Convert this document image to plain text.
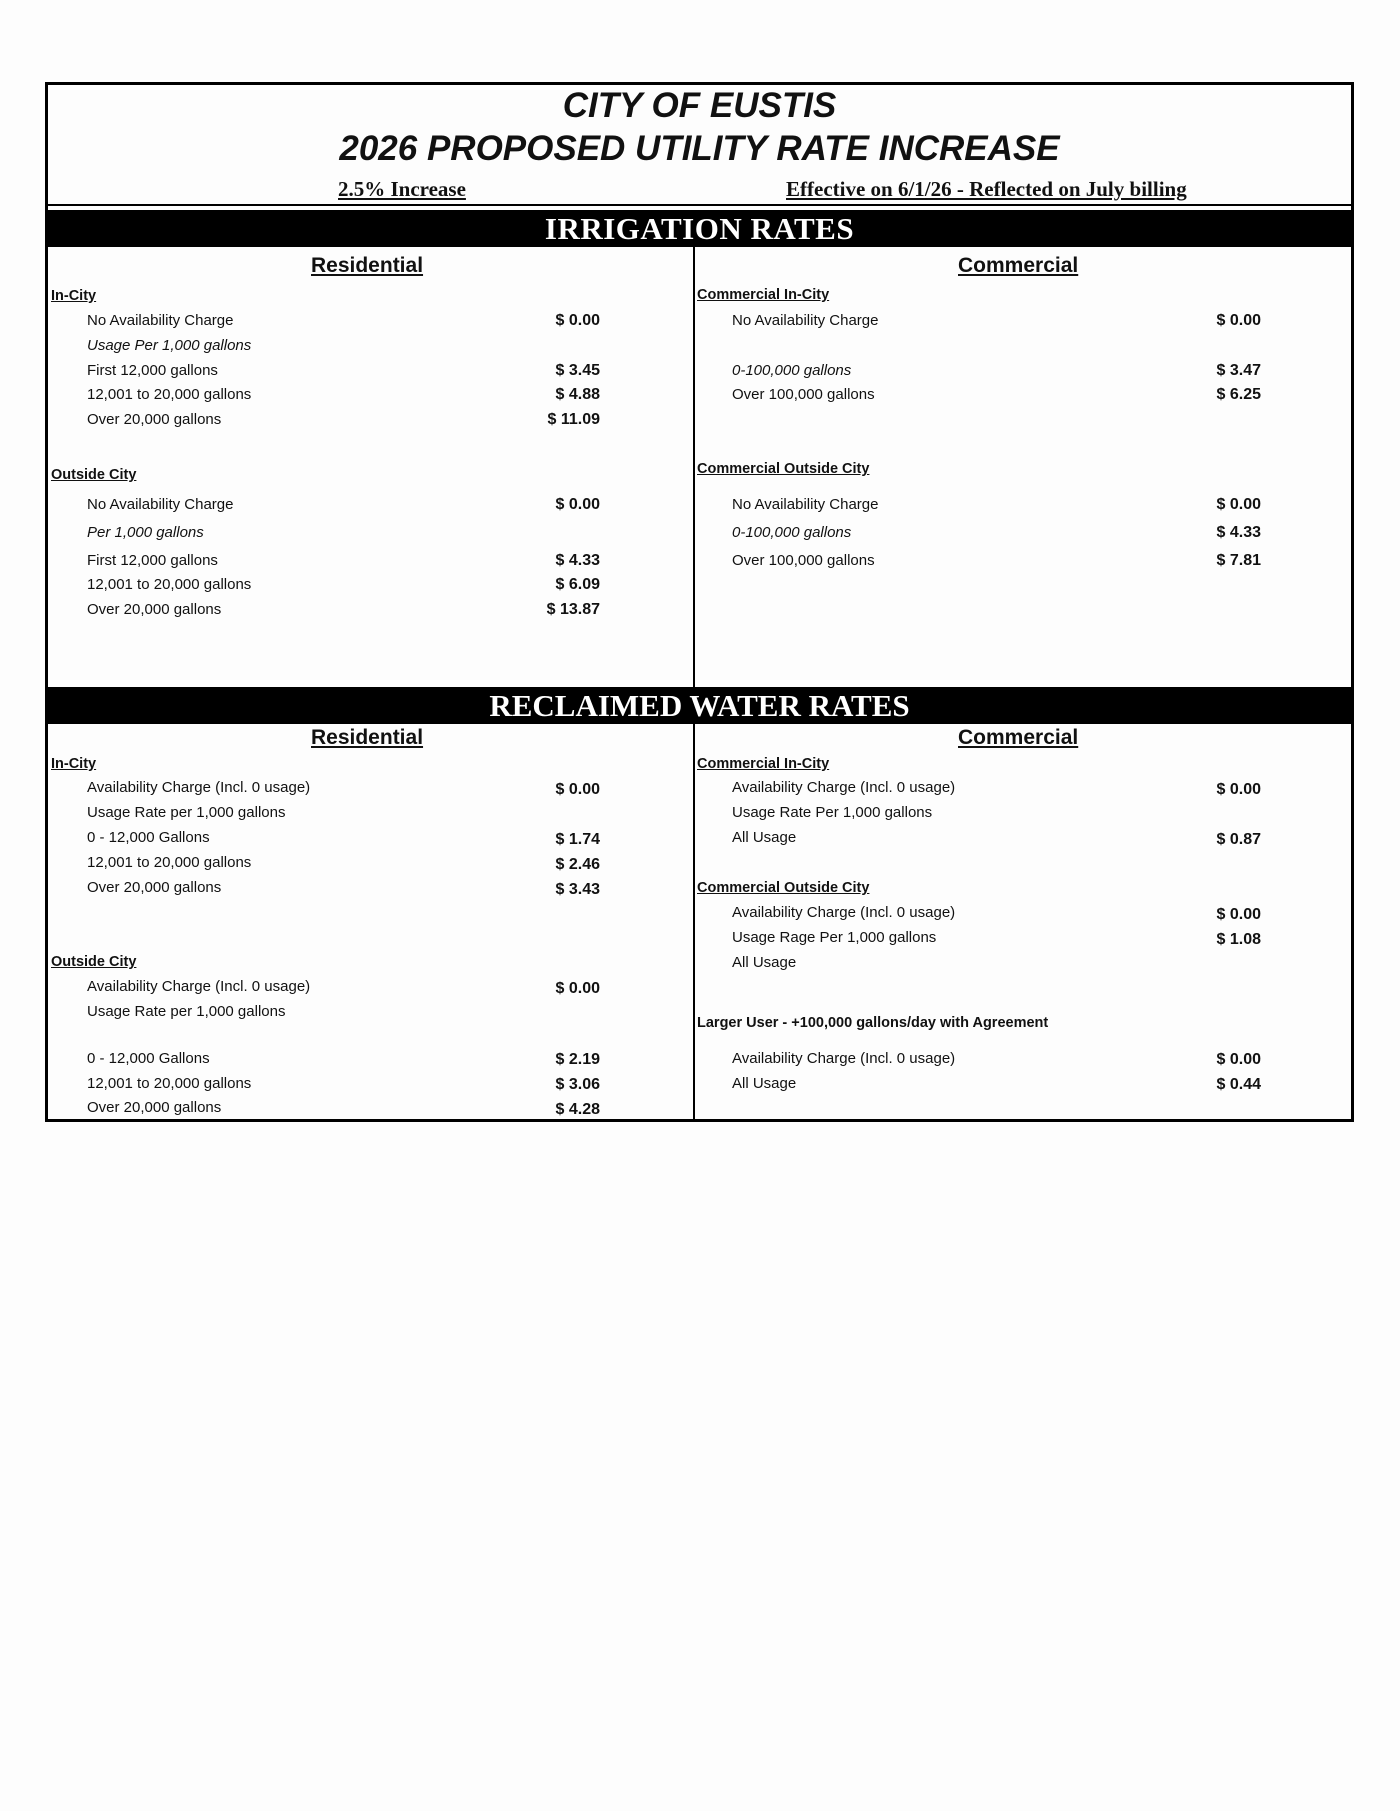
CITY OF EUSTIS
2026 PROPOSED UTILITY RATE INCREASE
2.5% Increase	Effective on 6/1/26 - Reflected on July billing
IRRIGATION RATES
Residential	Commercial
In-City
No Availability Charge	$ 0.00
Usage Per 1,000 gallons
First 12,000 gallons	$ 3.45
12,001 to 20,000 gallons	$ 4.88
Over 20,000 gallons	$ 11.09
Outside City
No Availability Charge	$ 0.00
Per 1,000 gallons
First 12,000 gallons	$ 4.33
12,001 to 20,000 gallons	$ 6.09
Over 20,000 gallons	$ 13.87
Commercial In-City
No Availability Charge	$ 0.00
0-100,000 gallons	$ 3.47
Over 100,000 gallons	$ 6.25
Commercial Outside City
No Availability Charge	$ 0.00
0-100,000 gallons	$ 4.33
Over 100,000 gallons	$ 7.81
RECLAIMED WATER RATES
Residential	Commercial
In-City
Availability Charge (Incl. 0 usage)	$ 0.00
Usage Rate per 1,000 gallons
0 - 12,000 Gallons	$ 1.74
12,001 to 20,000 gallons	$ 2.46
Over 20,000 gallons	$ 3.43
Outside City
Availability Charge (Incl. 0 usage)	$ 0.00
Usage Rate per 1,000 gallons
0 - 12,000 Gallons	$ 2.19
12,001 to 20,000 gallons	$ 3.06
Over 20,000 gallons	$ 4.28
Commercial In-City
Availability Charge (Incl. 0 usage)	$ 0.00
Usage Rate Per 1,000 gallons
All Usage	$ 0.87
Commercial Outside City
Availability Charge (Incl. 0 usage)	$ 0.00
Usage Rage Per 1,000 gallons	$ 1.08
All Usage
Larger User - +100,000 gallons/day with Agreement
Availability Charge (Incl. 0 usage)	$ 0.00
All Usage	$ 0.44
